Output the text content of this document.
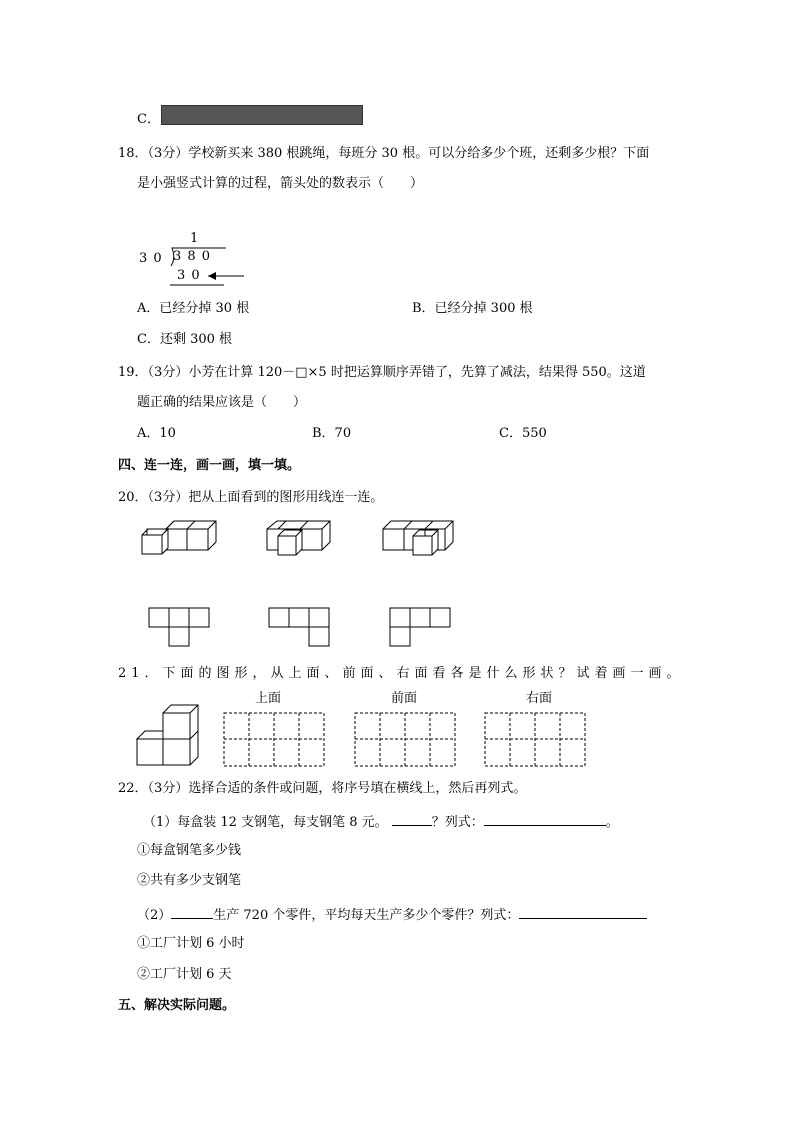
C．
18．（3分）学校新买来 380 根跳绳，每班分 30 根。可以分给多少个班，还剩多少根？下面
是小强竖式计算的过程，箭头处的数表示（　　）
1
3 0 3 8 0
3 0
A．已经分掉 30 根	B．已经分掉 300 根
C．还剩 300 根
19．（3分）小芳在计算 120－□×5 时把运算顺序弄错了，先算了减法，结果得 550。这道
题正确的结果应该是（　　）
A．10	B．70	C．550
四、连一连，画一画，填一填。
20．（3分）把从上面看到的图形用线连一连。
21．下面的图形，从上面、前面、右面看各是什么形状？试着画一画。
上面	前面	右面
22．（3分）选择合适的条件或问题，将序号填在横线上，然后再列式。
（1）每盒装 12 支钢笔，每支钢笔 8 元。	？列式：	。
①每盒钢笔多少钱
②共有多少支钢笔
（2）	生产 720 个零件，平均每天生产多少个零件？列式：
①工厂计划 6 小时
②工厂计划 6 天
五、解决实际问题。
